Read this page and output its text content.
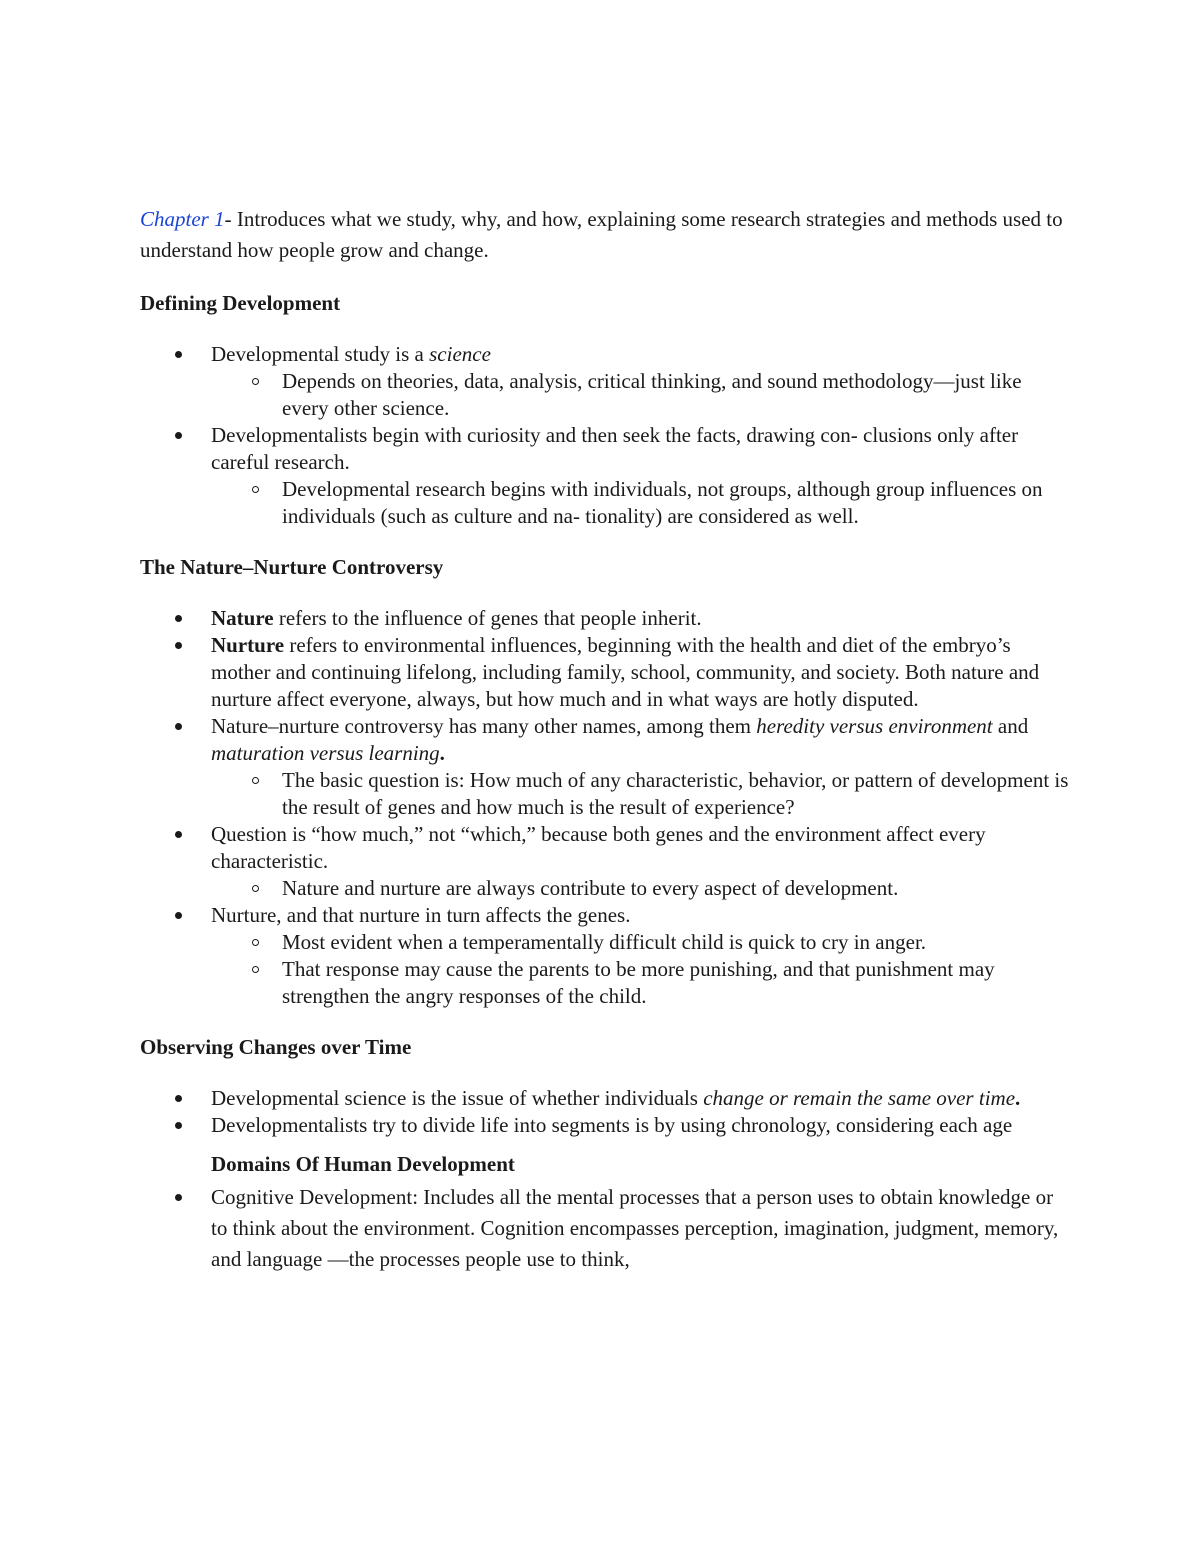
Chapter 1- Introduces what we study, why, and how, explaining some research strategies and methods used to understand how people grow and change.

Defining Development
Developmental study is a science
Depends on theories, data, analysis, critical thinking, and sound methodology—just like every other science.
Developmentalists begin with curiosity and then seek the facts, drawing con- clusions only after careful research.
Developmental research begins with individuals, not groups, although group influences on individuals (such as culture and na- tionality) are considered as well.
The Nature–Nurture Controversy
Nature refers to the influence of genes that people inherit.
Nurture refers to environmental influences, beginning with the health and diet of the embryo’s mother and continuing lifelong, including family, school, community, and society. Both nature and nurture affect everyone, always, but how much and in what ways are hotly disputed.
Nature–nurture controversy has many other names, among them heredity versus environment and maturation versus learning.
The basic question is: How much of any characteristic, behavior, or pattern of development is the result of genes and how much is the result of experience?
Question is “how much,” not “which,” because both genes and the environment affect every characteristic.
Nature and nurture are always contribute to every aspect of development.
Nurture, and that nurture in turn affects the genes.
Most evident when a temperamentally difficult child is quick to cry in anger.
That response may cause the parents to be more punishing, and that punishment may strengthen the angry responses of the child.
Observing Changes over Time
Developmental science is the issue of whether individuals change or remain the same over time.
Developmentalists try to divide life into segments is by using chronology, considering each age
Domains Of Human Development
Cognitive Development: Includes all the mental processes that a person uses to obtain knowledge or to think about the environment. Cognition encompasses perception, imagination, judgment, memory, and language —the processes people use to think,
